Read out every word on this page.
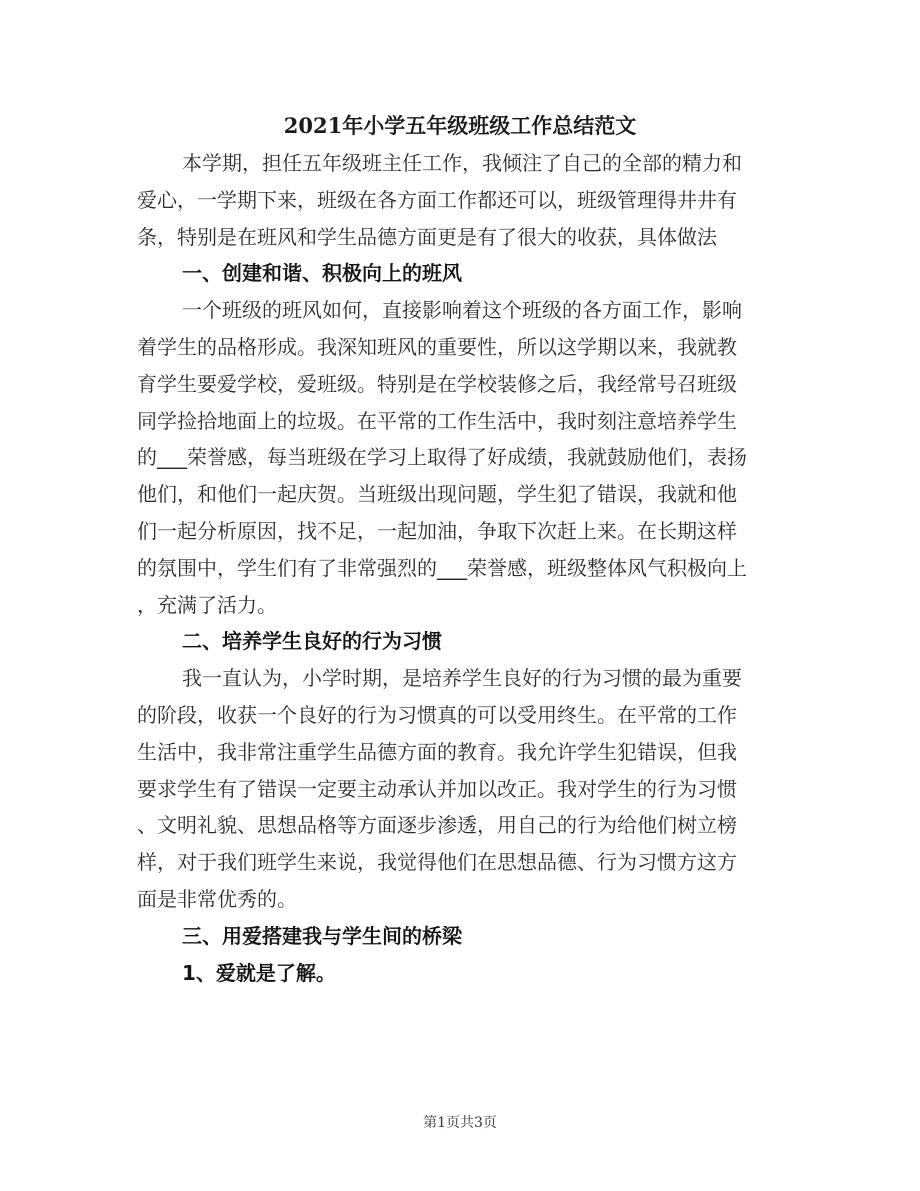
2021年小学五年级班级工作总结范文

本学期，担任五年级班主任工作，我倾注了自己的全部的精力和

爱心，一学期下来，班级在各方面工作都还可以，班级管理得井井有

条，特别是在班风和学生品德方面更是有了很大的收获，具体做法

一、创建和谐、积极向上的班风

一个班级的班风如何，直接影响着这个班级的各方面工作，影响

着学生的品格形成。我深知班风的重要性，所以这学期以来，我就教

育学生要爱学校，爱班级。特别是在学校装修之后，我经常号召班级

同学捡拾地面上的垃圾。在平常的工作生活中，我时刻注意培养学生

的___荣誉感，每当班级在学习上取得了好成绩，我就鼓励他们，表扬

他们，和他们一起庆贺。当班级出现问题，学生犯了错误，我就和他

们一起分析原因，找不足，一起加油，争取下次赶上来。在长期这样

的氛围中，学生们有了非常强烈的___荣誉感，班级整体风气积极向上

，充满了活力。

二、培养学生良好的行为习惯

我一直认为，小学时期，是培养学生良好的行为习惯的最为重要

的阶段，收获一个良好的行为习惯真的可以受用终生。在平常的工作

生活中，我非常注重学生品德方面的教育。我允许学生犯错误，但我

要求学生有了错误一定要主动承认并加以改正。我对学生的行为习惯

、文明礼貌、思想品格等方面逐步渗透，用自己的行为给他们树立榜

样，对于我们班学生来说，我觉得他们在思想品德、行为习惯方这方

面是非常优秀的。

三、用爱搭建我与学生间的桥梁

1、爱就是了解。

第1页共3页
